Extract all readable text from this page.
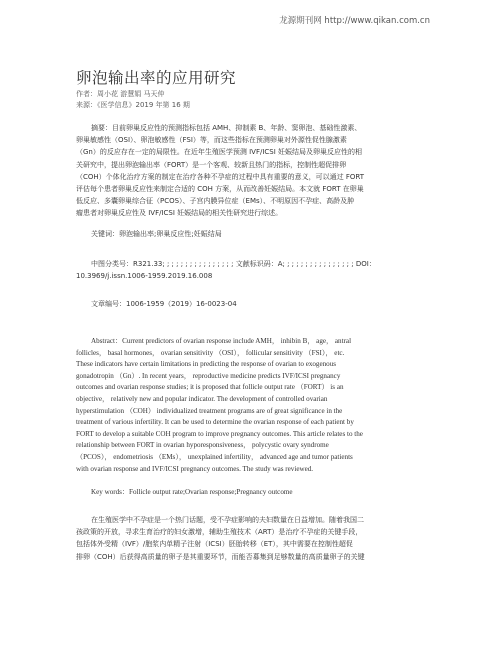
龙源期刊网 http://www.qikan.com.cn
卵泡输出率的应用研究
作者：周小花 游慧娟 马天仲
来源：《医学信息》2019 年第 16 期
摘要：目前卵巢反应性的预测指标包括 AMH、抑制素 B、年龄、窦卵泡、基础性激素、
卵巢敏感性（OSI）、卵泡敏感性（FSI）等，而这些指标在预测卵巢对外源性促性腺激素
（Gn）的反应存在一定的局限性。在近年生殖医学预测 IVF/ICSI 妊娠结局及卵巢反应性的相
关研究中，提出卵泡输出率（FORT）是一个客观、较新且热门的指标，控制性超促排卵
（COH）个体化治疗方案的制定在治疗各种不孕症的过程中具有重要的意义，可以通过 FORT
评估每个患者卵巢反应性来制定合适的 COH 方案，从而改善妊娠结局。本文就 FORT 在卵巢
低反应、多囊卵巢综合征（PCOS）、子宫内膜异位症（EMs）、不明原因不孕症、高龄及肿
瘤患者对卵巢反应性及 IVF/ICSI 妊娠结局的相关性研究进行综述。
关键词：卵泡输出率;卵巢反应性;妊娠结局
中图分类号：R321.33; ; ; ; ; ; ; ; ; ; ; ; ; ; ; ; 文献标识码：A; ; ; ; ; ; ; ; ; ; ; ; ; ; ; ; DOI：
10.3969/j.issn.1006-1959.2019.16.008
文章编号：1006-1959（2019）16-0023-04
Abstract：Current predictors of ovarian response include AMH， inhibin B， age， antral
follicles， basal hormones， ovarian sensitivity （OSI）， follicular sensitivity （FSI）， etc.
These indicators have certain limitations in predicting the response of ovarian to exogenous
gonadotropin （Gn）. In recent years， reproductive medicine predicts IVF/ICSI pregnancy
outcomes and ovarian response studies; it is proposed that follicle output rate （FORT） is an
objective， relatively new and popular indicator. The development of controlled ovarian
hyperstimulation （COH） individualized treatment programs are of great significance in the
treatment of various infertility. It can be used to determine the ovarian response of each patient by
FORT to develop a suitable COH program to improve pregnancy outcomes. This article relates to the
relationship between FORT in ovarian hyporesponsiveness， polycystic ovary syndrome
（PCOS）， endometriosis （EMs）， unexplained infertility， advanced age and tumor patients
with ovarian response and IVF/ICSI pregnancy outcomes. The study was reviewed.
Key words：Follicle output rate;Ovarian response;Pregnancy outcome
在生殖医学中不孕症是一个热门话题，受不孕症影响的夫妇数量在日益增加。随着我国二
孩政策的开放，寻求生育治疗的妇女激增，辅助生殖技术（ART）是治疗不孕症的关键手段，
包括体外受精（IVF）/胞浆内单精子注射（ICSI）胚胎转移（ET），其中需要在控制性超促
排卵（COH）后获得高质量的卵子是其重要环节，而能否募集到足够数量的高质量卵子的关键
